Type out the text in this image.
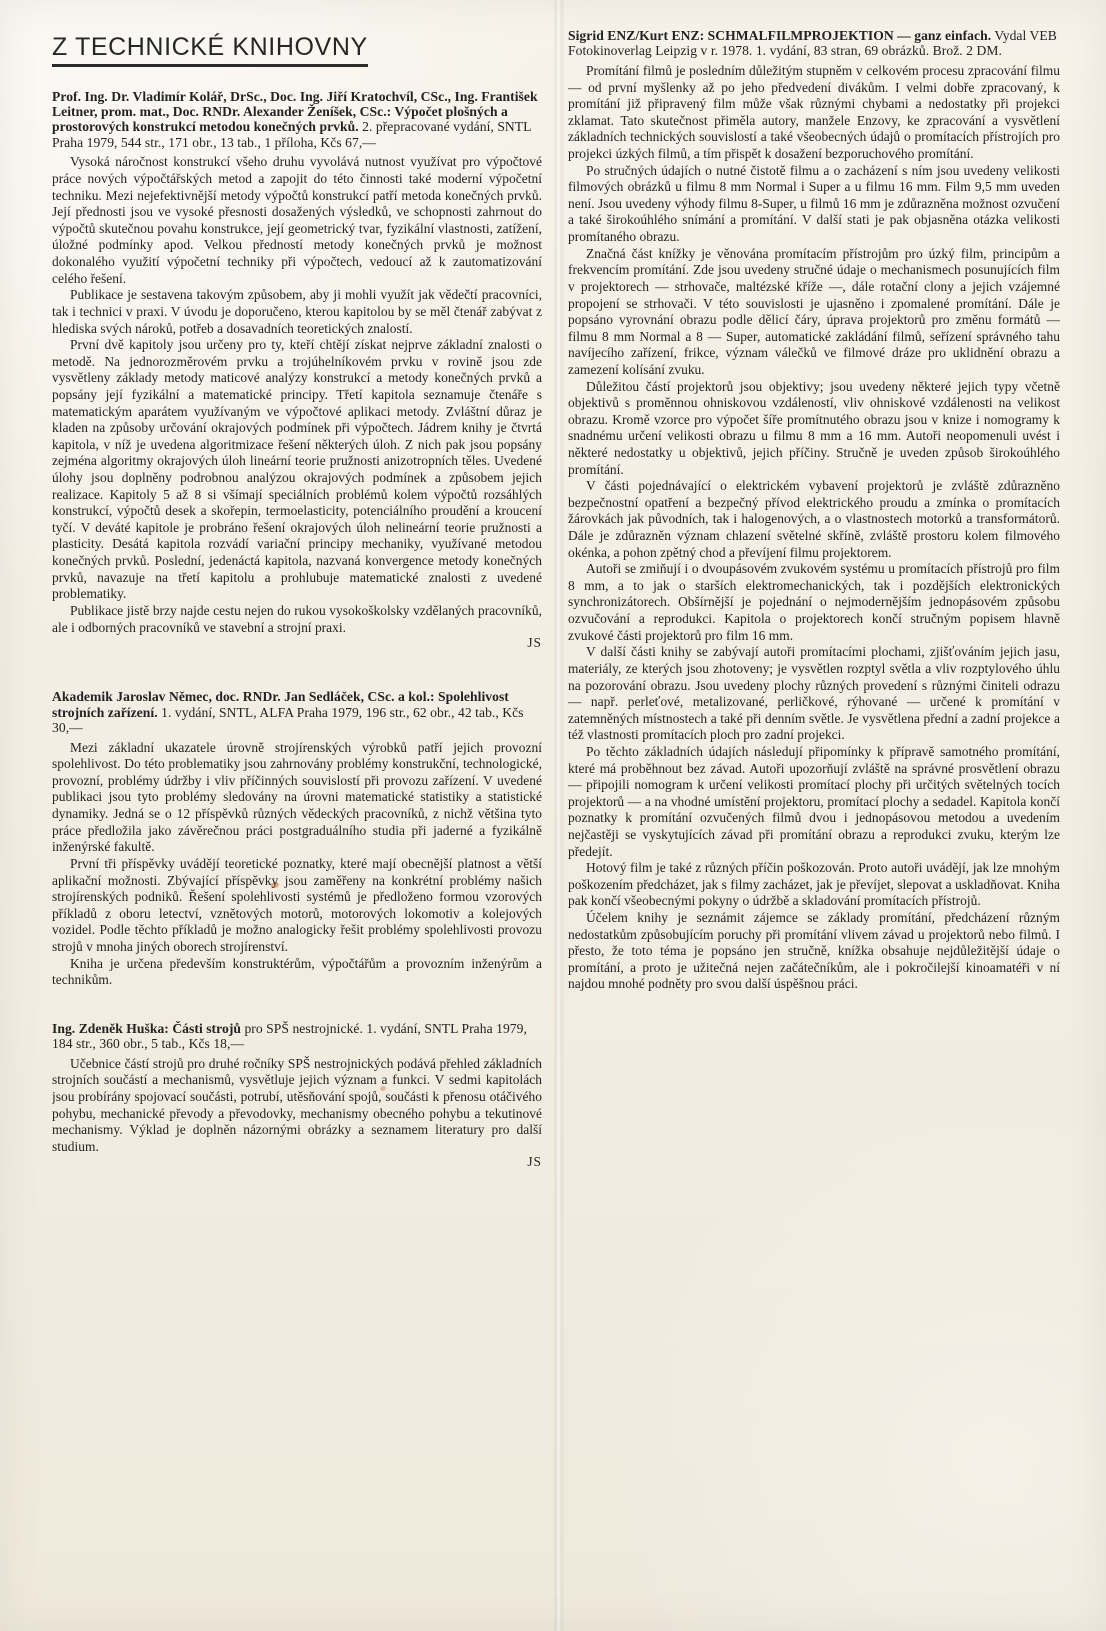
Z TECHNICKÉ KNIHOVNY

Prof. Ing. Dr. Vladimír Kolář, DrSc., Doc. Ing. Jiří Kratochvíl, CSc., Ing. František Leitner, prom. mat., Doc. RNDr. Alexander Ženíšek, CSc.: Výpočet plošných a prostorových konstrukcí metodou konečných prvků. 2. přepracované vydání, SNTL Praha 1979, 544 str., 171 obr., 13 tab., 1 příloha, Kčs 67,—

Vysoká náročnost konstrukcí všeho druhu vyvolává nutnost využívat pro výpočtové práce nových výpočtářských metod a zapojit do této činnosti také moderní výpočetní techniku. Mezi nejefektivnější metody výpočtů konstrukcí patří metoda konečných prvků. Její přednosti jsou ve vysoké přesnosti dosažených výsledků, ve schopnosti zahrnout do výpočtů skutečnou povahu konstrukce, její geometrický tvar, fyzikální vlastnosti, zatížení, úložné podmínky apod. Velkou předností metody konečných prvků je možnost dokonalého využití výpočetní techniky při výpočtech, vedoucí až k zautomatizování celého řešení.

Publikace je sestavena takovým způsobem, aby ji mohli využít jak vědečtí pracovníci, tak i technici v praxi. V úvodu je doporučeno, kterou kapitolou by se měl čtenář zabývat z hlediska svých nároků, potřeb a dosavadních teoretických znalostí.

První dvě kapitoly jsou určeny pro ty, kteří chtějí získat nejprve základní znalosti o metodě. Na jednorozměrovém prvku a trojúhelníkovém prvku v rovině jsou zde vysvětleny základy metody maticové analýzy konstrukcí a metody konečných prvků a popsány její fyzikální a matematické principy. Třetí kapitola seznamuje čtenáře s matematickým aparátem využívaným ve výpočtové aplikaci metody. Zvláštní důraz je kladen na způsoby určování okrajových podmínek při výpočtech. Jádrem knihy je čtvrtá kapitola, v níž je uvedena algoritmizace řešení některých úloh. Z nich pak jsou popsány zejména algoritmy okrajových úloh lineární teorie pružnosti anizotropních těles. Uvedené úlohy jsou doplněny podrobnou analýzou okrajových podmínek a způsobem jejich realizace. Kapitoly 5 až 8 si všímají speciálních problémů kolem výpočtů rozsáhlých konstrukcí, výpočtů desek a skořepin, termoelasticity, potenciálního proudění a kroucení tyčí. V deváté kapitole je probráno řešení okrajových úloh nelineární teorie pružnosti a plasticity. Desátá kapitola rozvádí variační principy mechaniky, využívané metodou konečných prvků. Poslední, jedenáctá kapitola, nazvaná konvergence metody konečných prvků, navazuje na třetí kapitolu a prohlubuje matematické znalosti z uvedené problematiky.

Publikace jistě brzy najde cestu nejen do rukou vysokoškolsky vzdělaných pracovníků, ale i odborných pracovníků ve stavební a strojní praxi.

JS

Akademik Jaroslav Němec, doc. RNDr. Jan Sedláček, CSc. a kol.: Spolehlivost strojních zařízení. 1. vydání, SNTL, ALFA Praha 1979, 196 str., 62 obr., 42 tab., Kčs 30,—

Mezi základní ukazatele úrovně strojírenských výrobků patří jejich provozní spolehlivost. Do této problematiky jsou zahrnovány problémy konstrukční, technologické, provozní, problémy údržby i vliv příčinných souvislostí při provozu zařízení. V uvedené publikaci jsou tyto problémy sledovány na úrovni matematické statistiky a statistické dynamiky. Jedná se o 12 příspěvků různých vědeckých pracovníků, z nichž většina tyto práce předložila jako závěrečnou práci postgraduálního studia při jaderné a fyzikálně inženýrské fakultě.

První tři příspěvky uvádějí teoretické poznatky, které mají obecnější platnost a větší aplikační možnosti. Zbývající příspěvky jsou zaměřeny na konkrétní problémy našich strojírenských podniků. Řešení spolehlivosti systémů je předloženo formou vzorových příkladů z oboru letectví, vznětových motorů, motorových lokomotiv a kolejových vozidel. Podle těchto příkladů je možno analogicky řešit problémy spolehlivosti provozu strojů v mnoha jiných oborech strojírenství.

Kniha je určena především konstruktérům, výpočtářům a provozním inženýrům a technikům.

Ing. Zdeněk Huška: Části strojů pro SPŠ nestrojnické. 1. vydání, SNTL Praha 1979, 184 str., 360 obr., 5 tab., Kčs 18,—

Učebnice částí strojů pro druhé ročníky SPŠ nestrojnických podává přehled základních strojních součástí a mechanismů, vysvětluje jejich význam a funkci. V sedmi kapitolách jsou probírány spojovací součásti, potrubí, utěsňování spojů, součásti k přenosu otáčivého pohybu, mechanické převody a převodovky, mechanismy obecného pohybu a tekutinové mechanismy. Výklad je doplněn názornými obrázky a seznamem literatury pro další studium.

JS

Sigrid ENZ/Kurt ENZ: SCHMALFILMPROJEKTION — ganz einfach. Vydal VEB Fotokinoverlag Leipzig v r. 1978. 1. vydání, 83 stran, 69 obrázků. Brož. 2 DM.

Promítání filmů je posledním důležitým stupněm v celkovém procesu zpracování filmu — od první myšlenky až po jeho předvedení divákům. I velmi dobře zpracovaný, k promítání již připravený film může však různými chybami a nedostatky při projekci zklamat. Tato skutečnost přiměla autory, manžele Enzovy, ke zpracování a vysvětlení základních technických souvislostí a také všeobecných údajů o promítacích přístrojích pro projekci úzkých filmů, a tím přispět k dosažení bezporuchového promítání.

Po stručných údajích o nutné čistotě filmu a o zacházení s ním jsou uvedeny velikosti filmových obrázků u filmu 8 mm Normal i Super a u filmu 16 mm. Film 9,5 mm uveden není. Jsou uvedeny výhody filmu 8-Super, u filmů 16 mm je zdůrazněna možnost ozvučení a také širokoúhlého snímání a promítání. V další stati je pak objasněna otázka velikosti promítaného obrazu.

Značná část knížky je věnována promítacím přístrojům pro úzký film, principům a frekvencím promítání. Zde jsou uvedeny stručné údaje o mechanismech posunujících film v projektorech — strhovače, maltézské kříže —, dále rotační clony a jejich vzájemné propojení se strhovači. V této souvislosti je ujasněno i zpomalené promítání. Dále je popsáno vyrovnání obrazu podle dělicí čáry, úprava projektorů pro změnu formátů — filmu 8 mm Normal a 8 — Super, automatické zakládání filmů, seřízení správného tahu navíjecího zařízení, frikce, význam válečků ve filmové dráze pro uklidnění obrazu a zamezení kolísání zvuku.

Důležitou částí projektorů jsou objektivy; jsou uvedeny některé jejich typy včetně objektivů s proměnnou ohniskovou vzdáleností, vliv ohniskové vzdálenosti na velikost obrazu. Kromě vzorce pro výpočet šíře promítnutého obrazu jsou v knize i nomogramy k snadnému určení velikosti obrazu u filmu 8 mm a 16 mm. Autoři neopomenuli uvést i některé nedostatky u objektivů, jejich příčiny. Stručně je uveden způsob širokoúhlého promítání.

V části pojednávající o elektrickém vybavení projektorů je zvláště zdůrazněno bezpečnostní opatření a bezpečný přívod elektrického proudu a zmínka o promítacích žárovkách jak původních, tak i halogenových, a o vlastnostech motorků a transformátorů. Dále je zdůrazněn význam chlazení světelné skříně, zvláště prostoru kolem filmového okénka, a pohon zpětný chod a převíjení filmu projektorem.

Autoři se zmiňují i o dvoupásovém zvukovém systému u promítacích přístrojů pro film 8 mm, a to jak o starších elektromechanických, tak i pozdějších elektronických synchronizátorech. Obšírnější je pojednání o nejmodernějším jednopásovém způsobu ozvučování a reprodukci. Kapitola o projektorech končí stručným popisem hlavně zvukové části projektorů pro film 16 mm.

V další části knihy se zabývají autoři promítacími plochami, zjišťováním jejich jasu, materiály, ze kterých jsou zhotoveny; je vysvětlen rozptyl světla a vliv rozptylového úhlu na pozorování obrazu. Jsou uvedeny plochy různých provedení s různými činiteli odrazu — např. perleťové, metalizované, perličkové, rýhované — určené k promítání v zatemněných místnostech a také při denním světle. Je vysvětlena přední a zadní projekce a též vlastnosti promítacích ploch pro zadní projekci.

Po těchto základních údajích následují připomínky k přípravě samotného promítání, které má proběhnout bez závad. Autoři upozorňují zvláště na správné prosvětlení obrazu — připojili nomogram k určení velikosti promítací plochy při určitých světelných tocích projektorů — a na vhodné umístění projektoru, promítací plochy a sedadel. Kapitola končí poznatky k promítání ozvučených filmů dvou i jednopásovou metodou a uvedením nejčastěji se vyskytujících závad při promítání obrazu a reprodukci zvuku, kterým lze předejít.

Hotový film je také z různých příčin poškozován. Proto autoři uvádějí, jak lze mnohým poškozením předcházet, jak s filmy zacházet, jak je převíjet, slepovat a uskladňovat. Kniha pak končí všeobecnými pokyny o údržbě a skladování promítacích přístrojů.

Účelem knihy je seznámit zájemce se základy promítání, předcházení různým nedostatkům způsobujícím poruchy při promítání vlivem závad u projektorů nebo filmů. I přesto, že toto téma je popsáno jen stručně, knížka obsahuje nejdůležitější údaje o promítání, a proto je užitečná nejen začátečníkům, ale i pokročilejší kinoamatéři v ní najdou mnohé podněty pro svou další úspěšnou práci.
